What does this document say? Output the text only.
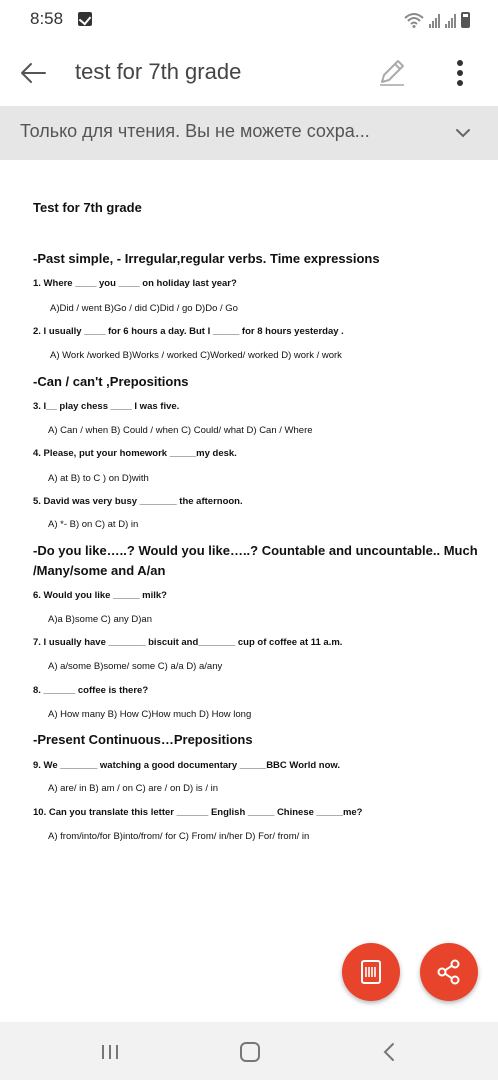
8:58
test for 7th grade
Только для чтения. Вы не можете сохра...
Test for 7th grade
-Past simple, - Irregular,regular verbs. Time expressions
1. Where ____ you ____ on holiday last year?
A)Did / went B)Go / did C)Did / go D)Do / Go
2. I usually ____ for 6 hours a day. But I _____ for 8 hours yesterday .
A) Work /worked B)Works / worked C)Worked/ worked D) work / work
-Can / can't ,Prepositions
3. I__ play chess ____ I was five.
A) Can / when B) Could / when C) Could/ what D) Can / Where
4. Please, put your homework _____my desk.
A) at B) to C ) on D)with
5. David was very busy _______ the afternoon.
A) *- B) on C) at D) in
-Do you like…..? Would you like…..? Countable and uncountable.. Much
/Many/some and A/an
6. Would you like _____ milk?
A)a B)some C) any D)an
7. I usually have _______ biscuit and_______ cup of coffee at 11 a.m.
A) a/some B)some/ some C) a/a D) a/any
8. ______ coffee is there?
A) How many B) How C)How much D) How long
-Present Continuous…Prepositions
9. We _______ watching a good documentary _____BBC World now.
A) are/ in B) am / on C) are / on D) is / in
10. Can you translate this letter ______ English _____ Chinese _____me?
A) from/into/for B)into/from/ for C) From/ in/her D) For/ from/ in
